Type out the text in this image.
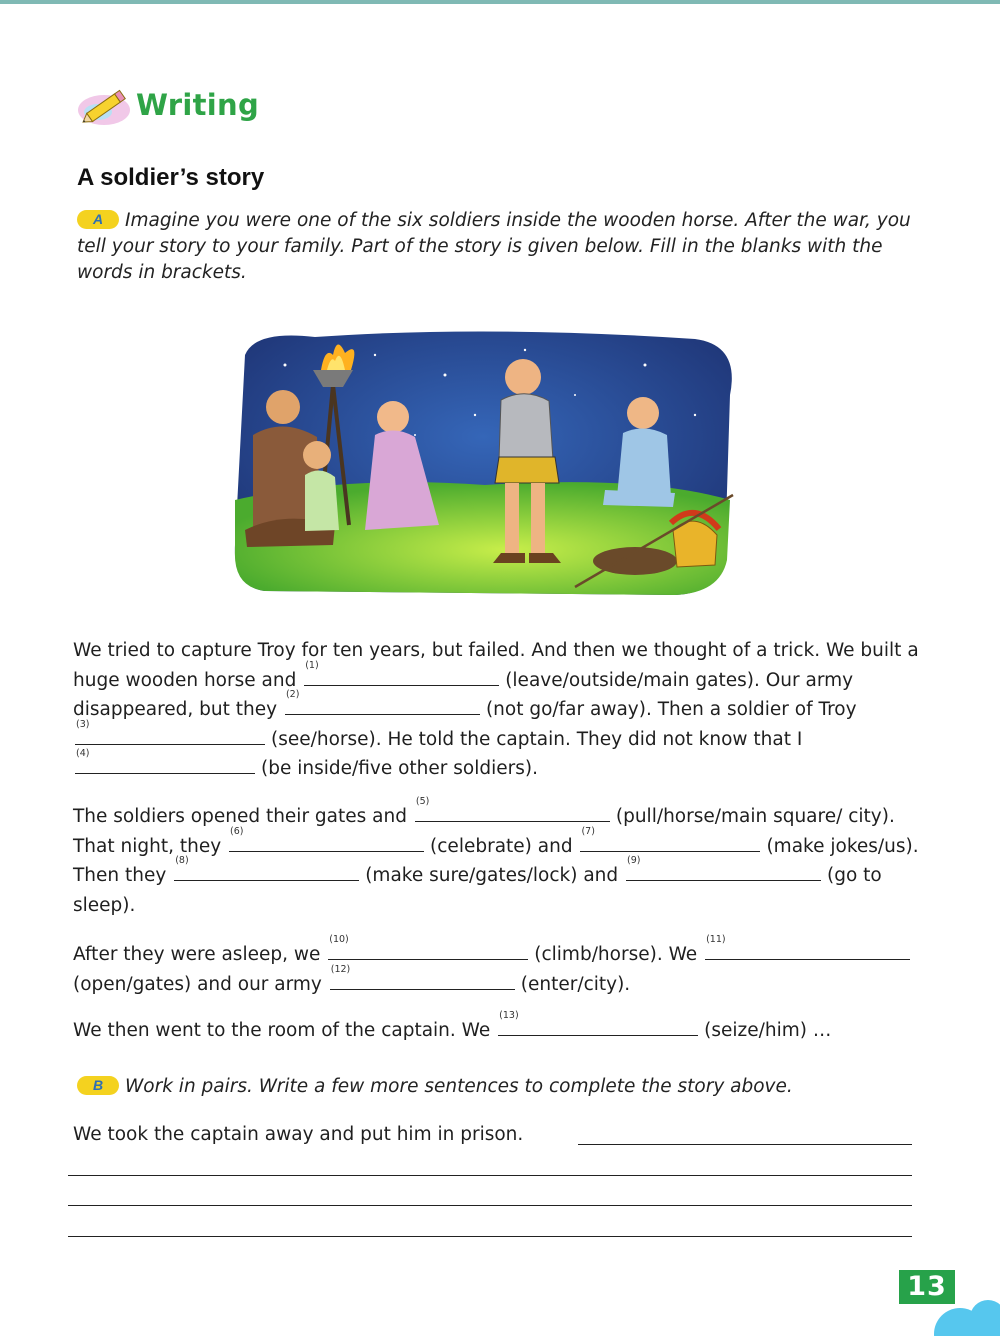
Writing
A soldier’s story
A Imagine you were one of the six soldiers inside the wooden horse. After the war, you tell your story to your family. Part of the story is given below. Fill in the blanks with the words in brackets.
We tried to capture Troy for ten years, but failed. And then we thought of a trick. We built a huge wooden horse and
(1)
(leave/outside/main gates). Our army disappeared, but they
(2)
(not go/far away). Then a soldier of Troy
(3)
(see/horse). He told the captain. They did not know that I
(4)
(be inside/five other soldiers).
The soldiers opened their gates and
(5)
(pull/horse/main square/ city). That night, they
(6)
(celebrate) and
(7)
(make jokes/us). Then they
(8)
(make sure/gates/lock) and
(9)
(go to sleep).
After they were asleep, we
(10)
(climb/horse). We
(11)
(open/gates) and our army
(12)
(enter/city).
We then went to the room of the captain. We
(13)
(seize/him) …
B Work in pairs. Write a few more sentences to complete the story above.
We took the captain away and put him in prison.
13
